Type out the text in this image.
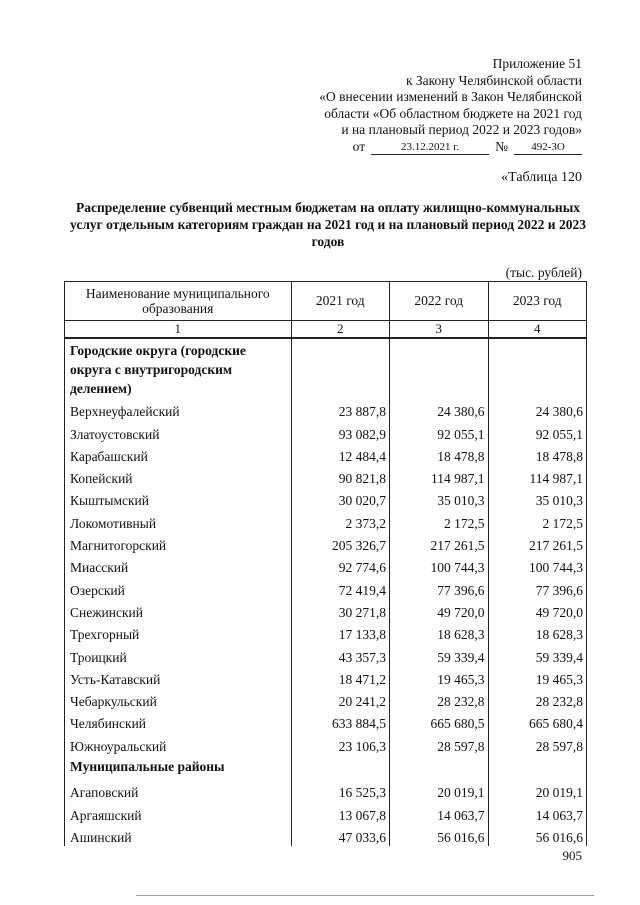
Приложение 51
к Закону Челябинской области
«О внесении изменений в Закон Челябинской
области «Об областном бюджете на 2021 год
и на плановый период 2022 и 2023 годов»
от	23.12.2021 г.	№	492-ЗО
«Таблица 120
Распределение субвенций местным бюджетам на оплату жилищно-коммунальных услуг отдельным категориям граждан на 2021 год и на плановый период 2022 и 2023 годов
(тыс. рублей)
Наименование муниципального образования	2021 год	2022 год	2023 год
1	2	3	4
Городские округа (городские округа с внутригородским делением)			
Верхнеуфалейский	23 887,8	24 380,6	24 380,6
Златоустовский	93 082,9	92 055,1	92 055,1
Карабашский	12 484,4	18 478,8	18 478,8
Копейский	90 821,8	114 987,1	114 987,1
Кыштымский	30 020,7	35 010,3	35 010,3
Локомотивный	2 373,2	2 172,5	2 172,5
Магнитогорский	205 326,7	217 261,5	217 261,5
Миасский	92 774,6	100 744,3	100 744,3
Озерский	72 419,4	77 396,6	77 396,6
Снежинский	30 271,8	49 720,0	49 720,0
Трехгорный	17 133,8	18 628,3	18 628,3
Троицкий	43 357,3	59 339,4	59 339,4
Усть-Катавский	18 471,2	19 465,3	19 465,3
Чебаркульский	20 241,2	28 232,8	28 232,8
Челябинский	633 884,5	665 680,5	665 680,4
Южноуральский	23 106,3	28 597,8	28 597,8
Муниципальные районы			
Агаповский	16 525,3	20 019,1	20 019,1
Аргаяшский	13 067,8	14 063,7	14 063,7
Ашинский	47 033,6	56 016,6	56 016,6
905
